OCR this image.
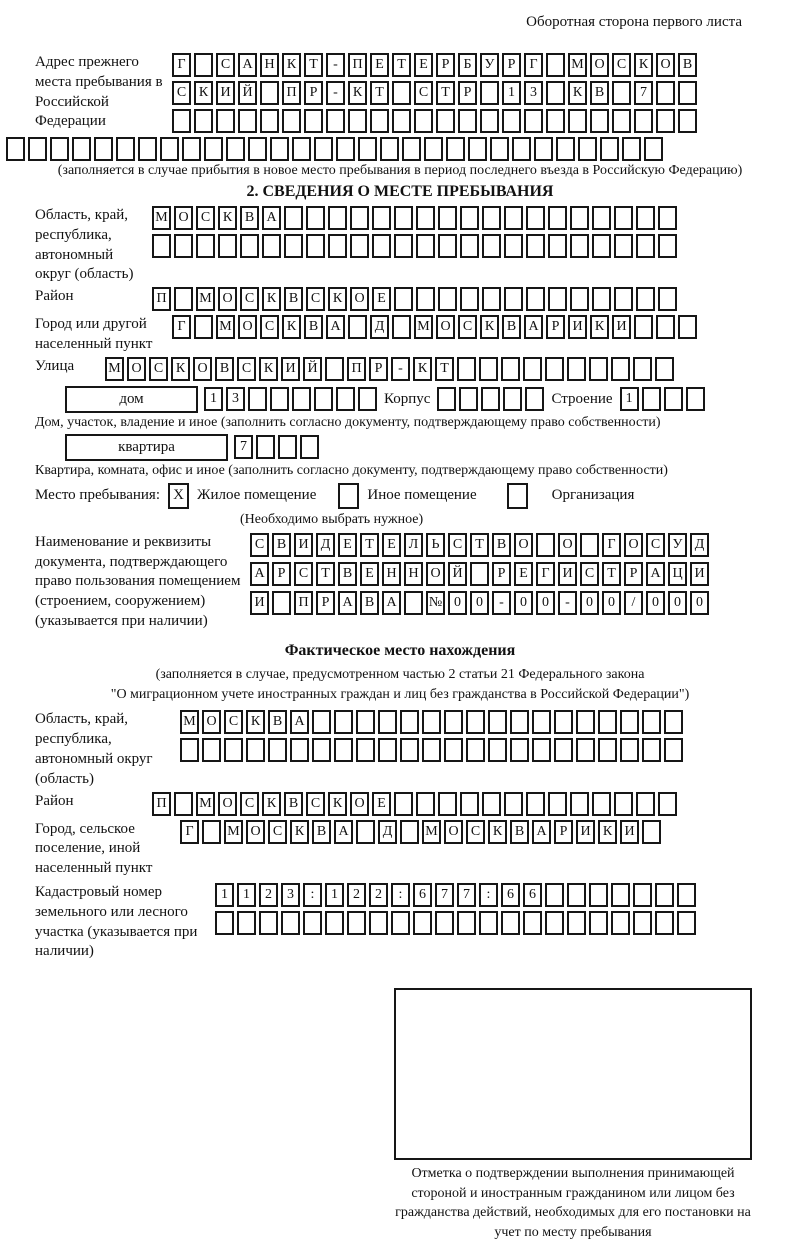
Оборотная сторона первого листа
Адрес прежнего места пребывания в Российской Федерации
Г	С А Н К Т	-	П Е Т Е Р	Б У Р	Г	М О С К О В
С К И Й	П Р	-	К Т	С Т Р	1	3	К В	7
(заполняется в случае прибытия в новое место пребывания в период последнего въезда в Российскую Федерацию)
2. СВЕДЕНИЯ О МЕСТЕ ПРЕБЫВАНИЯ
Область, край, республика, автономный округ (область)
М О С К В А
Район	П	М О С К В С К О Е
Город или другой населенный пункт
Г	М О С К В А	Д	М О С К В А Р И К И
Улица	М О С К О В С К И Й	П Р	-	К Т
дом	1	3	Корпус	Строение 1
Дом, участок, владение и иное (заполнить согласно документу, подтверждающему право собственности)
квартира	7
Квартира, комната, офис и иное (заполнить согласно документу, подтверждающему право собственности)
Место пребывания: X Жилое помещение	Иное помещение	Организация
(Необходимо выбрать нужное)
Наименование и реквизиты документа, подтверждающего право пользования помещением (строением, сооружением) (указывается при наличии)
С В И Д Е Т Е Л Ь С Т В О	О	Г О С У Д
А Р С Т В Е Н Н О Й	Р Е Г И С Т Р А Ц И
И	П Р А В А	№ 0	0	-	0	0	-	0	0	/	0	0	0
Фактическое место нахождения
(заполняется в случае, предусмотренном частью 2 статьи 21 Федерального закона
"О миграционном учете иностранных граждан и лиц без гражданства в Российской Федерации")
Область, край, республика, автономный округ (область)
М О С К В А
Район	П	М О С К В С К О Е
Город, сельское поселение, иной населенный пункт
Г	М О С К В А	Д	М О С К В А Р И К И
Кадастровый номер земельного или лесного участка (указывается при наличии)
1	1	2	3	:	1	2	2	:	6	7	7	:	6	6
Отметка о подтверждении выполнения принимающей стороной и иностранным гражданином или лицом без гражданства действий, необходимых для его постановки на учет по месту пребывания
